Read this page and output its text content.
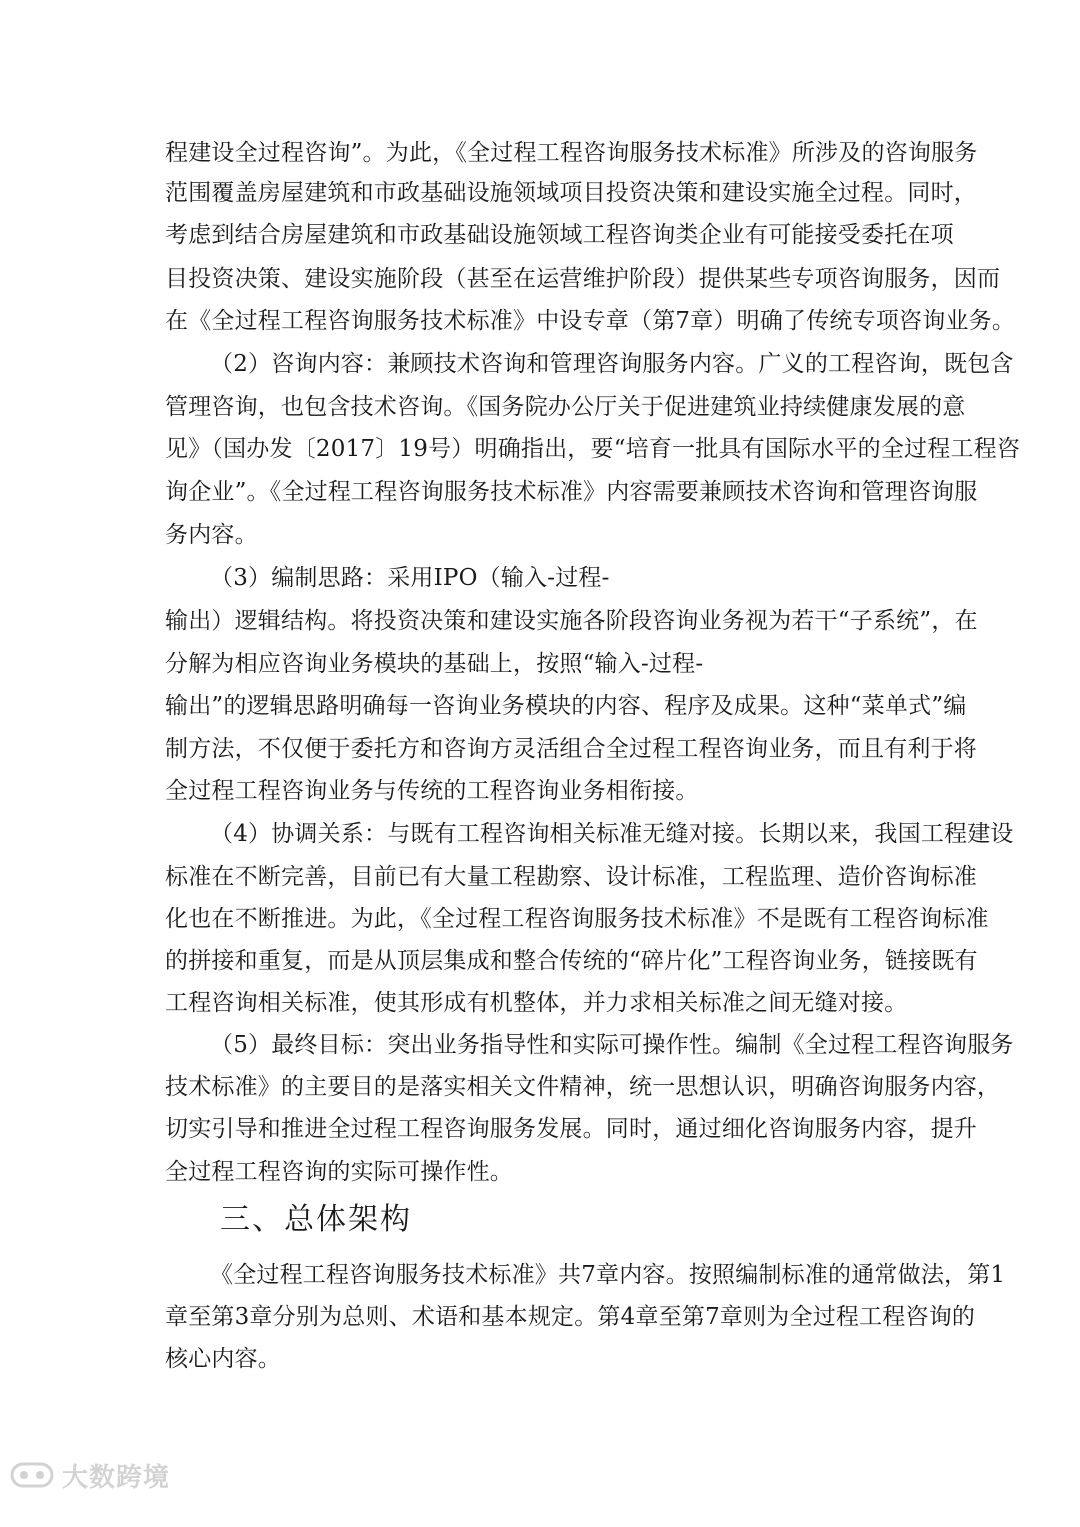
程建设全过程咨询”。为此，《全过程工程咨询服务技术标准》所涉及的咨询服务
范围覆盖房屋建筑和市政基础设施领域项目投资决策和建设实施全过程。同时，
考虑到结合房屋建筑和市政基础设施领域工程咨询类企业有可能接受委托在项
目投资决策、建设实施阶段（甚至在运营维护阶段）提供某些专项咨询服务，因而
在《全过程工程咨询服务技术标准》中设专章（第7章）明确了传统专项咨询业务。
（2）咨询内容：兼顾技术咨询和管理咨询服务内容。广义的工程咨询，既包含
管理咨询，也包含技术咨询。《国务院办公厅关于促进建筑业持续健康发展的意
见》（国办发〔2017〕19号）明确指出，要“培育一批具有国际水平的全过程工程咨
询企业”。《全过程工程咨询服务技术标准》内容需要兼顾技术咨询和管理咨询服
务内容。
（3）编制思路：采用IPO（输入-过程-
输出）逻辑结构。将投资决策和建设实施各阶段咨询业务视为若干“子系统”，在
分解为相应咨询业务模块的基础上，按照“输入-过程-
输出”的逻辑思路明确每一咨询业务模块的内容、程序及成果。这种“菜单式”编
制方法，不仅便于委托方和咨询方灵活组合全过程工程咨询业务，而且有利于将
全过程工程咨询业务与传统的工程咨询业务相衔接。
（4）协调关系：与既有工程咨询相关标准无缝对接。长期以来，我国工程建设
标准在不断完善，目前已有大量工程勘察、设计标准，工程监理、造价咨询标准
化也在不断推进。为此，《全过程工程咨询服务技术标准》不是既有工程咨询标准
的拼接和重复，而是从顶层集成和整合传统的“碎片化”工程咨询业务，链接既有
工程咨询相关标准，使其形成有机整体，并力求相关标准之间无缝对接。
（5）最终目标：突出业务指导性和实际可操作性。编制《全过程工程咨询服务
技术标准》的主要目的是落实相关文件精神，统一思想认识，明确咨询服务内容，
切实引导和推进全过程工程咨询服务发展。同时，通过细化咨询服务内容，提升
全过程工程咨询的实际可操作性。
三、总体架构
《全过程工程咨询服务技术标准》共7章内容。按照编制标准的通常做法，第1
章至第3章分别为总则、术语和基本规定。第4章至第7章则为全过程工程咨询的
核心内容。
大数跨境
